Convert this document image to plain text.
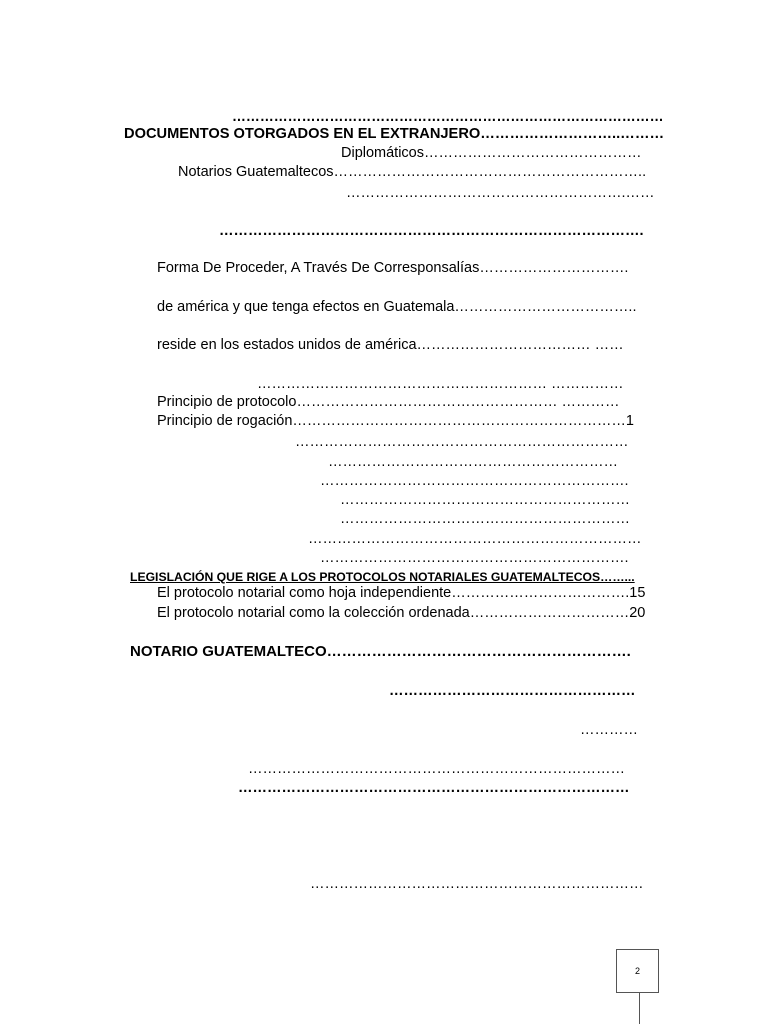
…………………………………………………………………………………
DOCUMENTOS OTORGADOS EN EL EXTRANJERO………………………..………
Diplomáticos………………………………………
Notarios Guatemaltecos………………………………………………………..
………………………………………………….……
…………………………………………………………………………….
Forma De Proceder, A Través De Corresponsalías………………………….
de américa y que tenga efectos en Guatemala………………………………..
reside en los estados unidos de américa……………………………… ……
…………………………………………………… ……………
Principio de protocolo……………………………………………… …………
Principio de rogación……………………………………………………………1
……………………………………………………………
……………………………………………………
……………………………………………………….
……………………………………………………
……………………………………………………
……………………………………………………………
……………………………………………………….
LEGISLACIÓN QUE RIGE A LOS PROTOCOLOS NOTARIALES GUATEMALTECOS……...
El protocolo notarial como hoja independiente……………………………….15
El protocolo notarial como la colección ordenada……………………………20
NOTARIO GUATEMALTECO…………………………………………………….
……………………………………………
…………
……………………………………………………………………
………………………………………………………………………
……………………………………………………………
2
